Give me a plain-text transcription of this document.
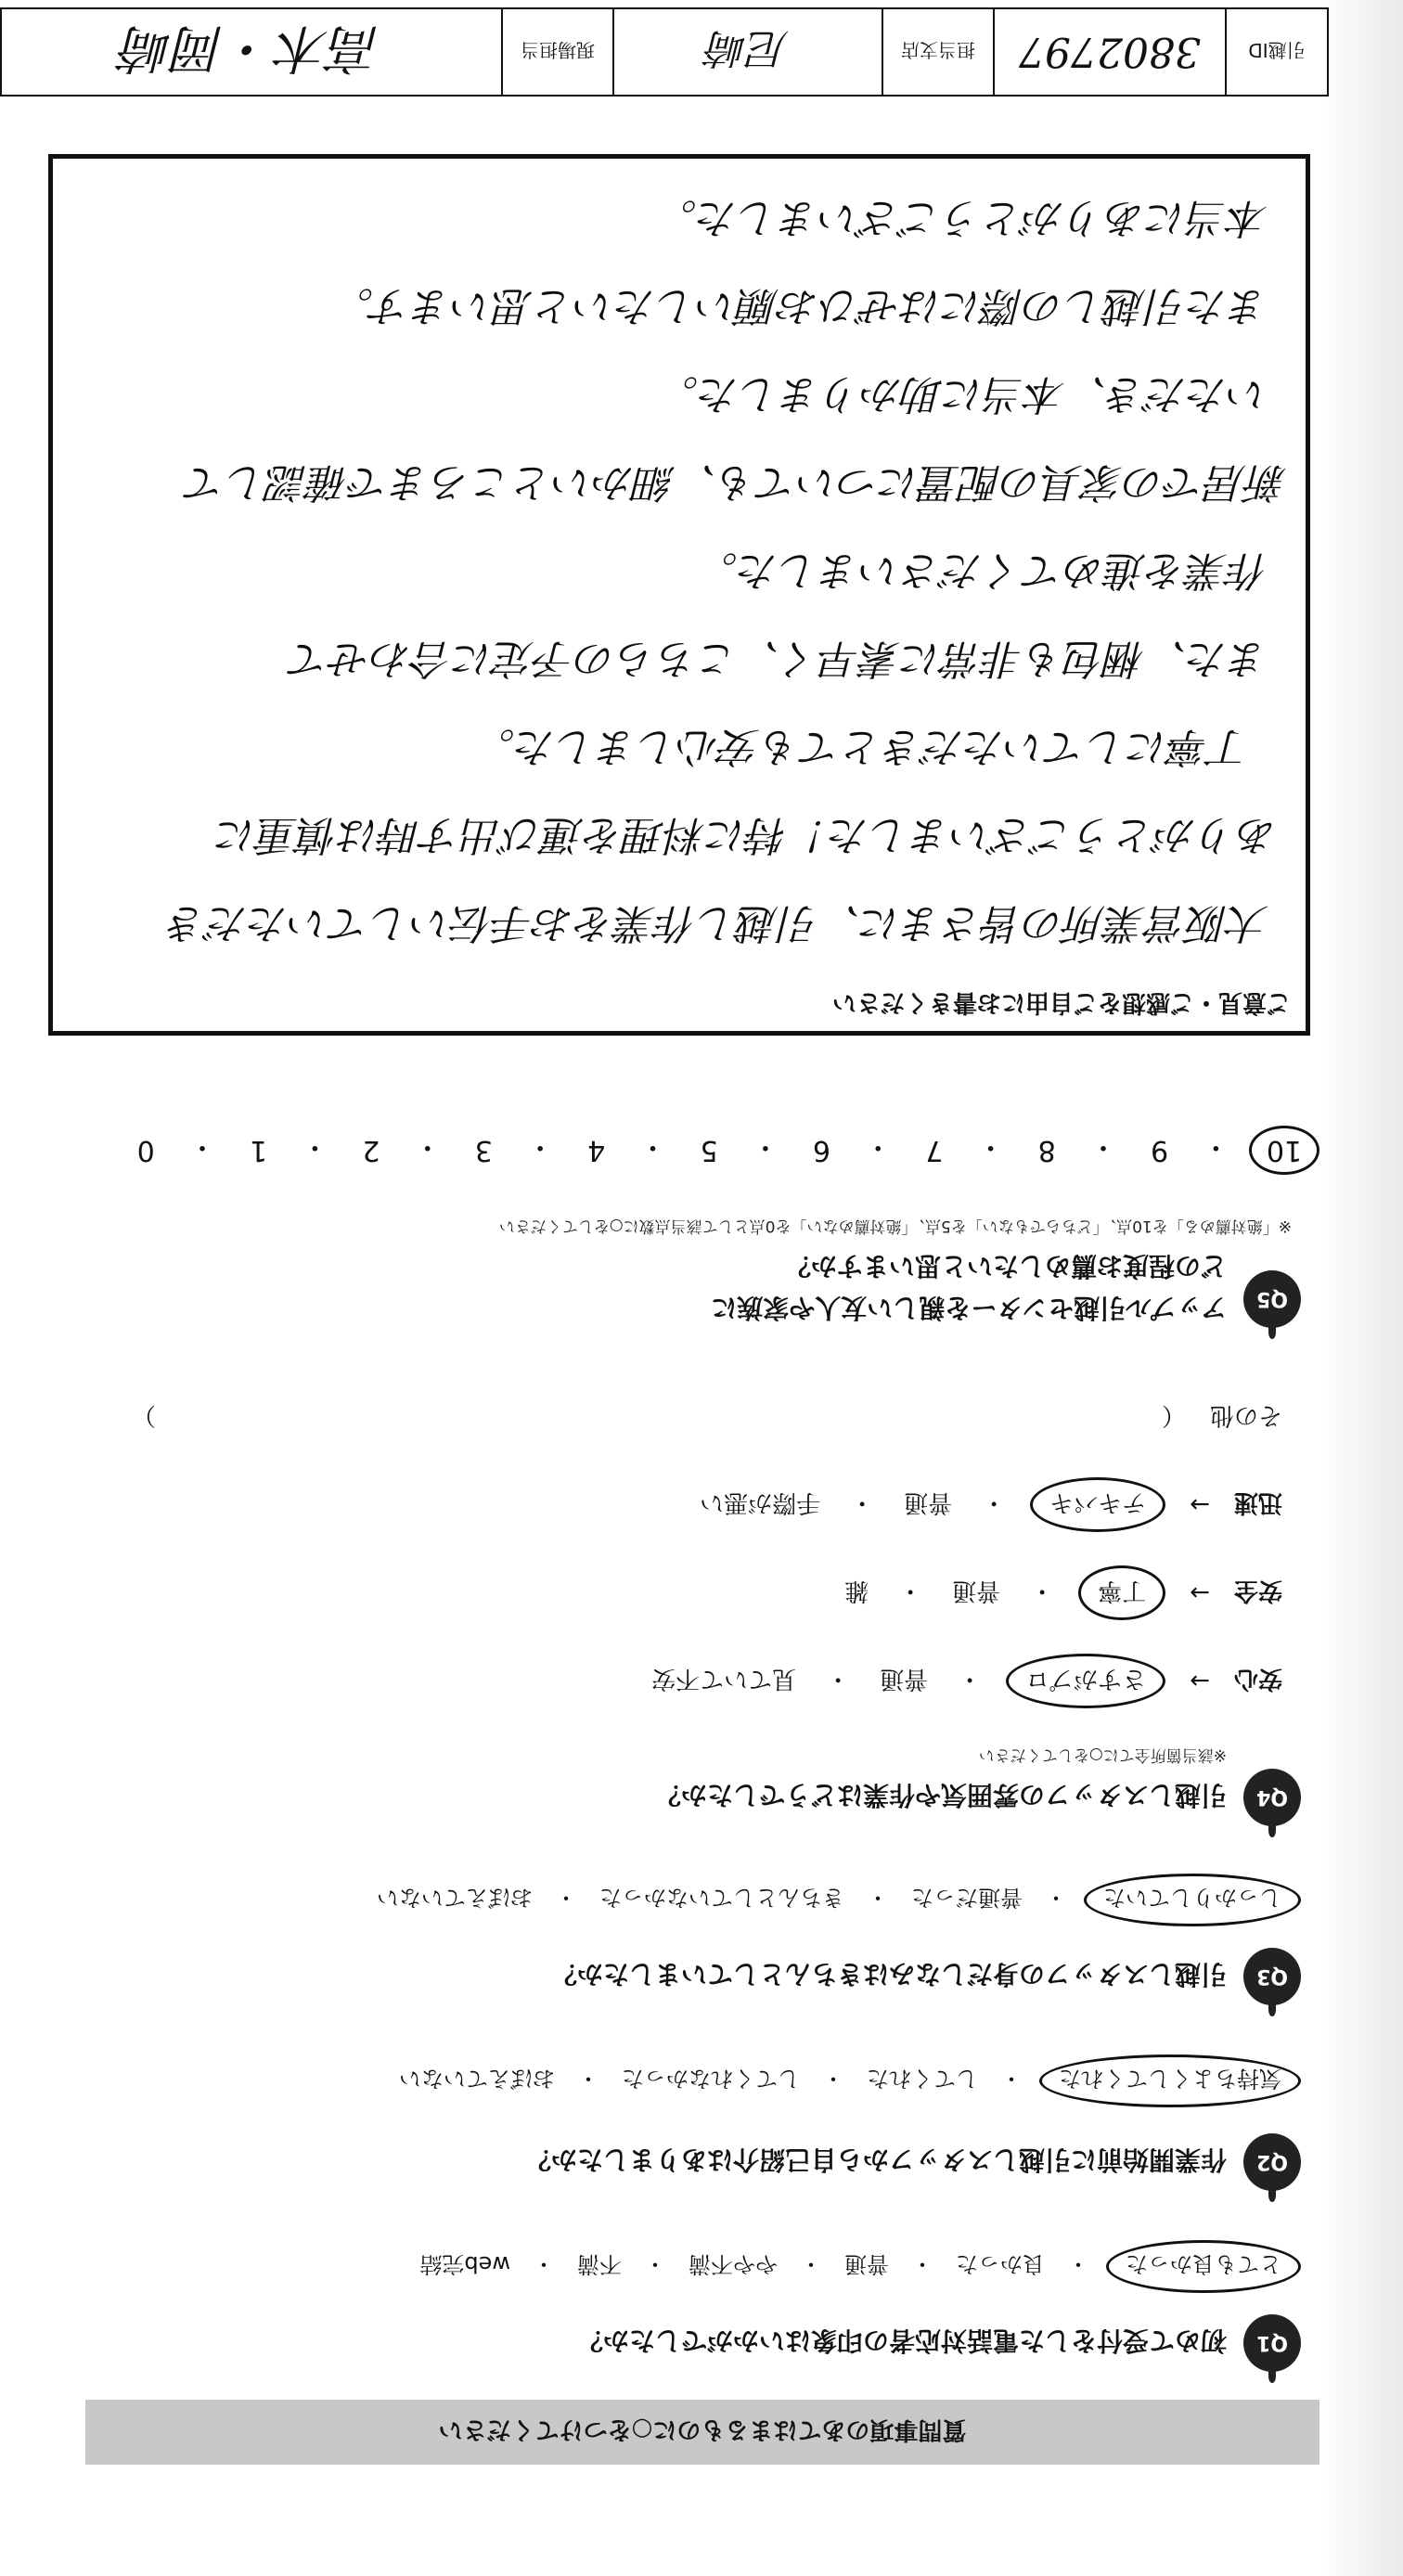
引越ID
3802797
担当支店
尼崎
現場担当
高木・岡崎
質問事項のあてはまるものに○をつけてください
Q1
初めて受付をした電話対応者の印象はいかがでしたか？
とても良かった
・
良かった
・
普通
・
やや不満
・
不満
・
web完結
Q2
作業開始前に引越しスタッフから自己紹介はありましたか？
気持ちよくしてくれた
・
してくれた
・
してくれなかった
・
おぼえていない
Q3
引越しスタッフの身だしなみはきちんとしていましたか？
しっかりしていた
・
普通だった
・
きちんとしていなかった
・
おぼえていない
Q4
引越しスタッフの雰囲気や作業はどうでしたか？
※該当箇所全てに○をしてください
安心
→
さすがプロ
・
普通
・
見ていて不安
安全
→
丁寧
・
普通
・
雑
迅速
→
テキパキ
・
普通
・
手際が悪い
その他
（
）
Q5
アップル引越センターを親しい友人や家族に
どの程度お薦めしたいと思いますか？
※「絶対薦める」を10点、「どちらでもない」を5点、「絶対薦めない」を0点として該当点数に○をしてください
10
・
9
・
8
・
7
・
6
・
5
・
4
・
3
・
2
・
1
・
0
ご意見・ご感想をご自由にお書きください
大阪営業所の皆さまに、引越し作業をお手伝いしていただき
ありがとうございました！特に料理を運び出す時は慎重に
丁寧にしていただきとても安心しました。
また、梱包も非常に素早く、こちらの予定に合わせて
作業を進めてくださいました。
新居での家具の配置についても、細かいところまで確認して
いただき、本当に助かりました。
また引越しの際にはぜひお願いしたいと思います。
本当にありがとうございました。
